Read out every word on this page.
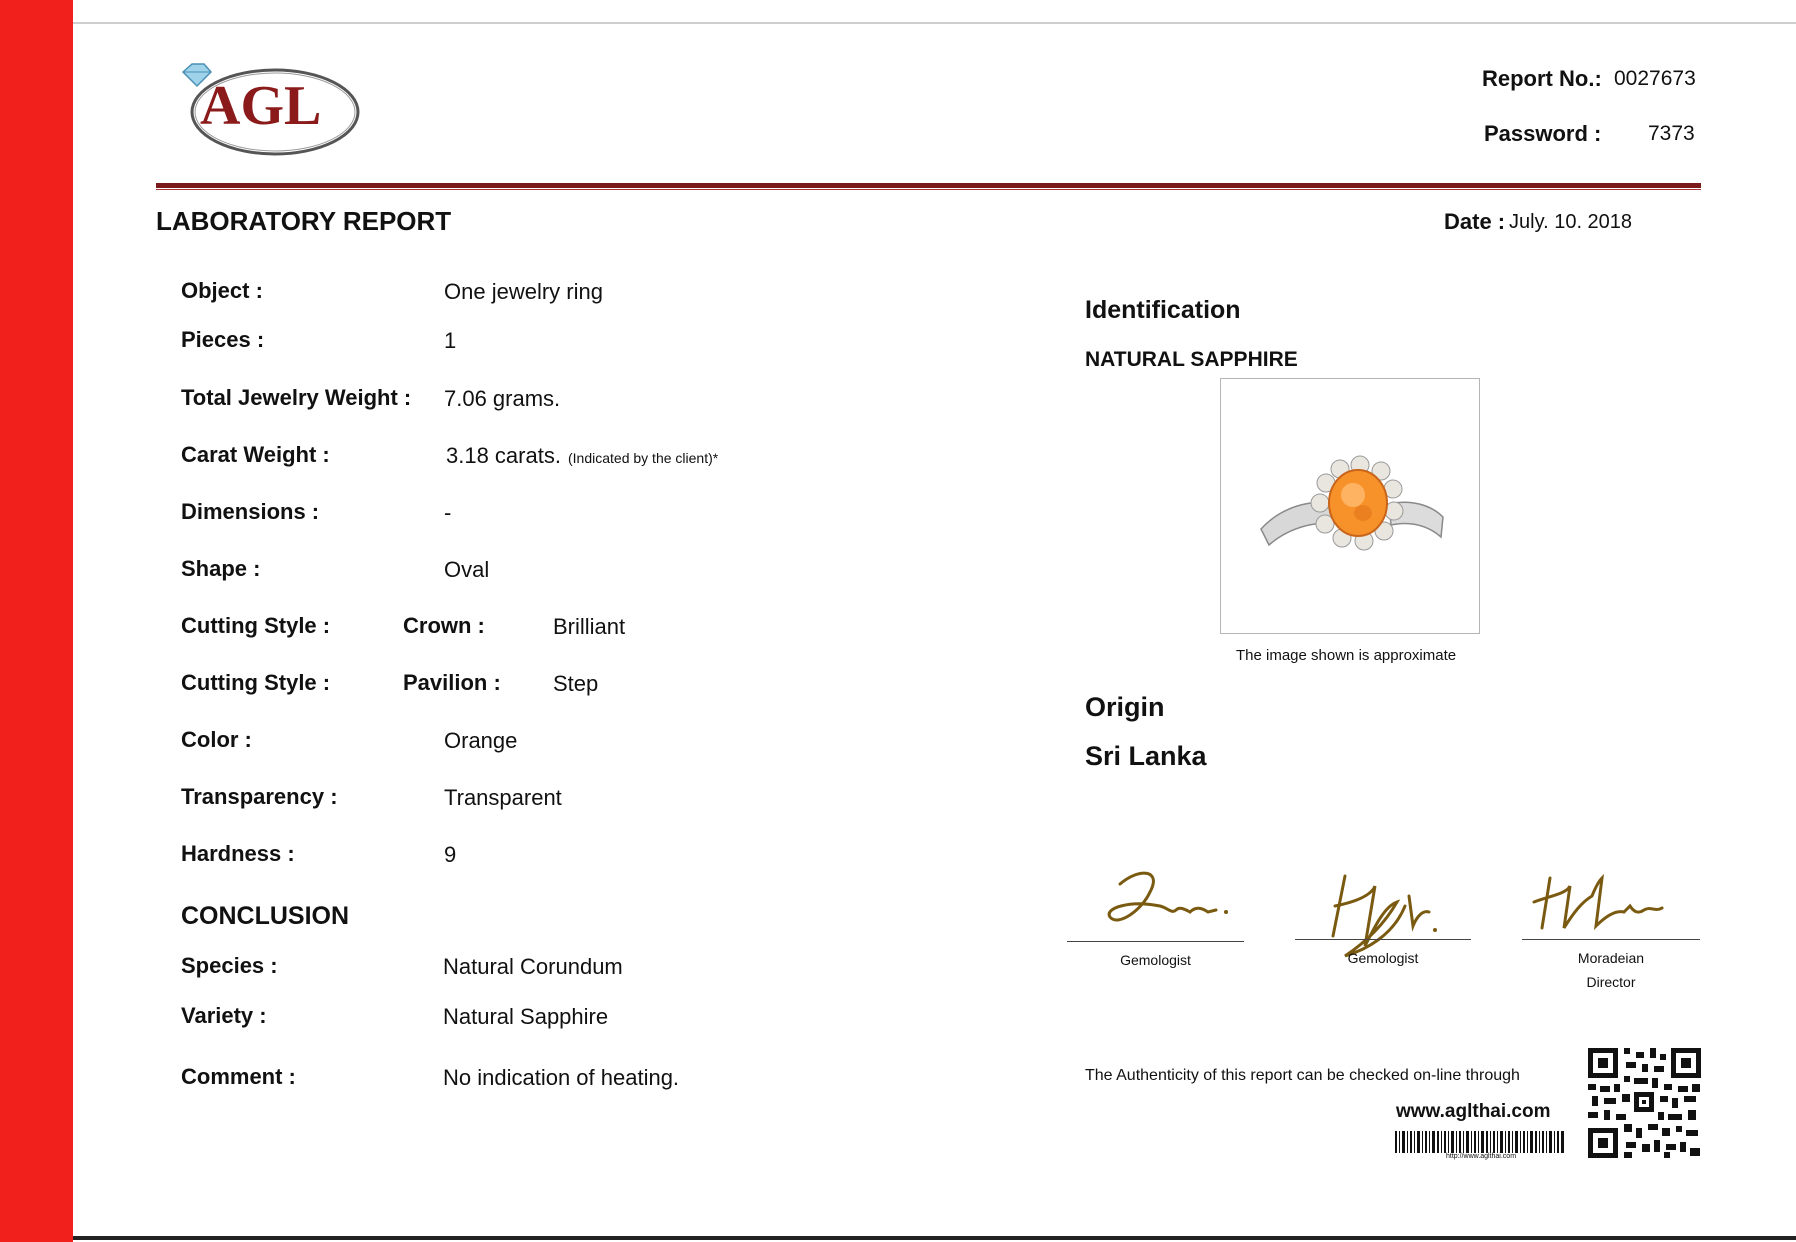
AGL	Report No.: 0027673
Password : 7373
LABORATORY REPORT	Date : July. 10. 2018
Object :	One jewelry ring
Pieces :	1
Total Jewelry Weight : 7.06 grams.
Carat Weight :	3.18 carats. (Indicated by the client)*
Dimensions :	-
Shape :	Oval
Cutting Style :	Crown :	Brilliant
Cutting Style :	Pavilion : Step
Color :	Orange
Transparency :	Transparent
Hardness :	9
CONCLUSION
Species :	Natural Corundum
Variety :	Natural Sapphire
Comment :	No indication of heating.
Identification
NATURAL SAPPHIRE
The image shown is approximate
Origin
Sri Lanka
Gemologist	Gemologist	Moradeian
Director
The Authenticity of this report can be checked on-line through
www.aglthai.com
http://www.aglthai.com
